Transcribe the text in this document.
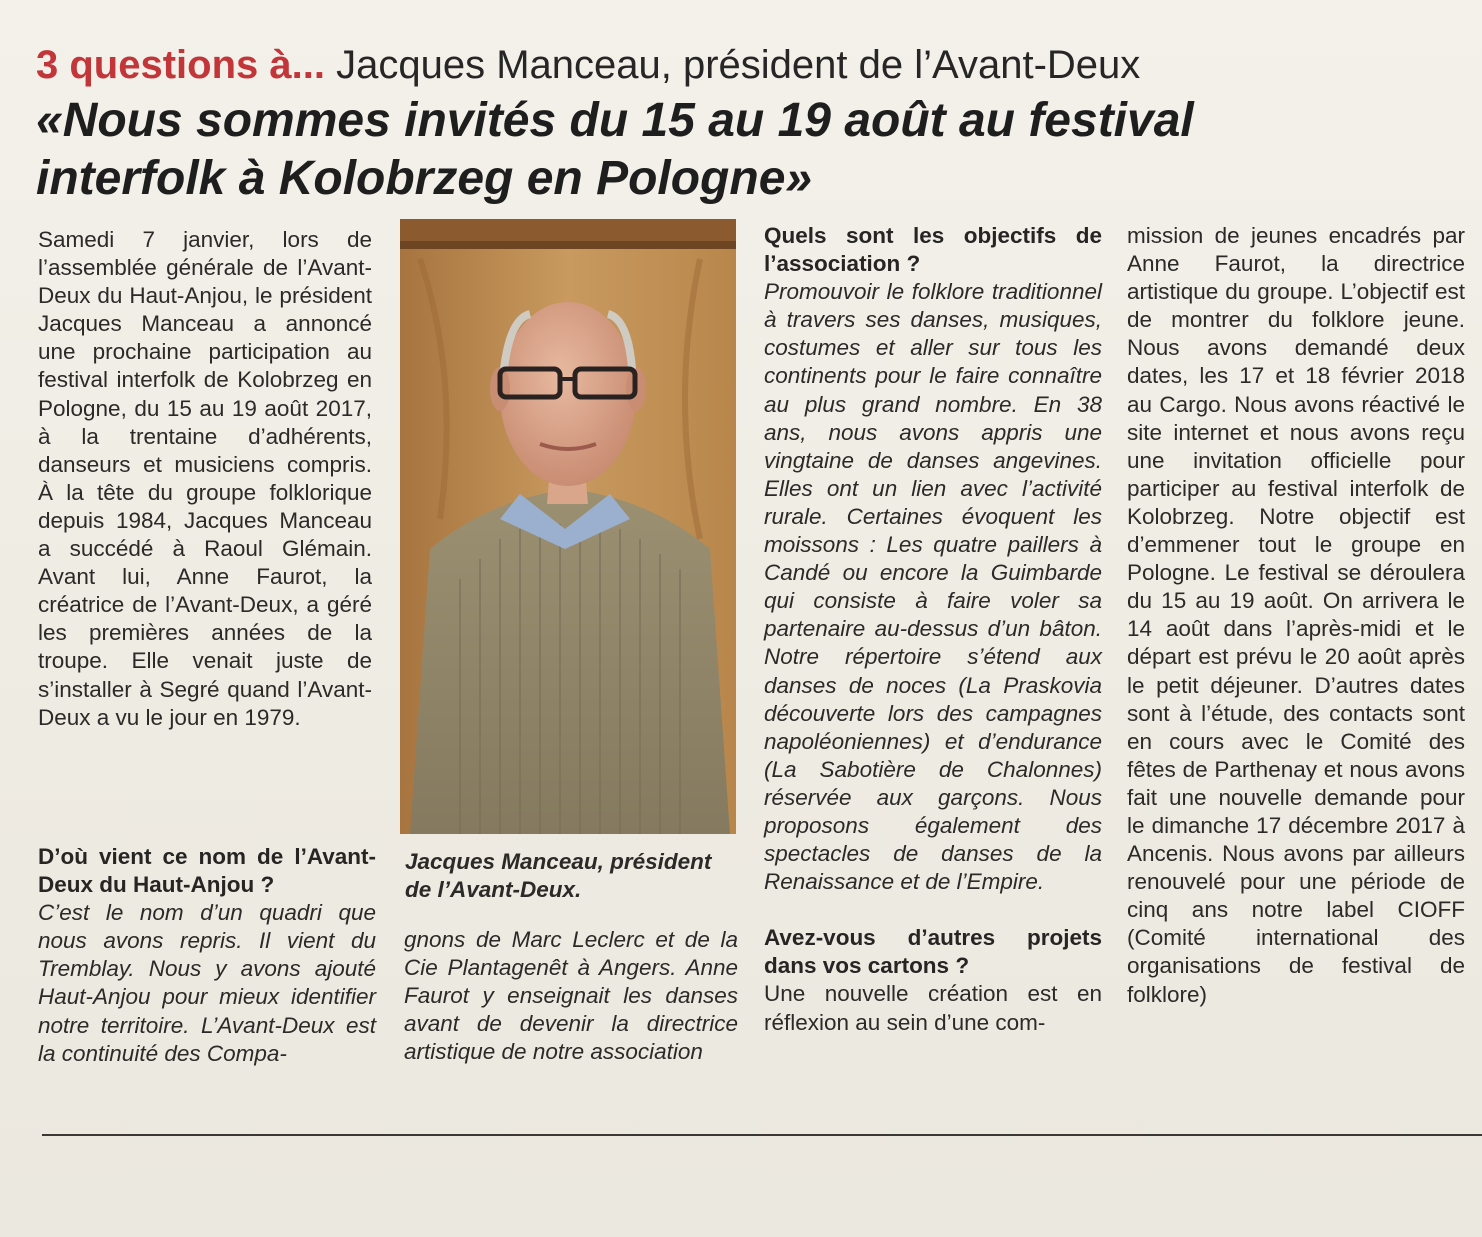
3 questions à... Jacques Manceau, président de l’Avant-Deux
«Nous sommes invités du 15 au 19 août au festival interfolk à Kolobrzeg en Pologne»

Samedi 7 janvier, lors de l’assemblée générale de l’Avant-Deux du Haut-Anjou, le président Jacques Manceau a annoncé une prochaine participation au festival interfolk de Kolobrzeg en Pologne, du 15 au 19 août 2017, à la trentaine d’adhérents, danseurs et musiciens compris. À la tête du groupe folklorique depuis 1984, Jacques Manceau a succédé à Raoul Glémain. Avant lui, Anne Faurot, la créatrice de l’Avant-Deux, a géré les premières années de la troupe. Elle venait juste de s’installer à Segré quand l’Avant-Deux a vu le jour en 1979.

D’où vient ce nom de l’Avant-Deux du Haut-Anjou ?

C’est le nom d’un quadri que nous avons repris. Il vient du Tremblay. Nous y avons ajouté Haut-Anjou pour mieux identifier notre territoire. L’Avant-Deux est la continuité des Compa-

Jacques Manceau, président de l’Avant-Deux.

gnons de Marc Leclerc et de la Cie Plantagenêt à Angers. Anne Faurot y enseignait les danses avant de devenir la directrice artistique de notre association

Quels sont les objectifs de l’association ?

Promouvoir le folklore traditionnel à travers ses danses, musiques, costumes et aller sur tous les continents pour le faire connaître au plus grand nombre. En 38 ans, nous avons appris une vingtaine de danses angevines. Elles ont un lien avec l’activité rurale. Certaines évoquent les moissons : Les quatre paillers à Candé ou encore la Guimbarde qui consiste à faire voler sa partenaire au-dessus d’un bâton. Notre répertoire s’étend aux danses de noces (La Praskovia découverte lors des campagnes napoléoniennes) et d’endurance (La Sabotière de Chalonnes) réservée aux garçons. Nous proposons également des spectacles de danses de la Renaissance et de l’Empire.

Avez-vous d’autres projets dans vos cartons ?

Une nouvelle création est en réflexion au sein d’une com-

mission de jeunes encadrés par Anne Faurot, la directrice artistique du groupe. L’objectif est de montrer du folklore jeune. Nous avons demandé deux dates, les 17 et 18 février 2018 au Cargo. Nous avons réactivé le site internet et nous avons reçu une invitation officielle pour participer au festival interfolk de Kolobrzeg. Notre objectif est d’emmener tout le groupe en Pologne. Le festival se déroulera du 15 au 19 août. On arrivera le 14 août dans l’après-midi et le départ est prévu le 20 août après le petit déjeuner. D’autres dates sont à l’étude, des contacts sont en cours avec le Comité des fêtes de Parthenay et nous avons fait une nouvelle demande pour le dimanche 17 décembre 2017 à Ancenis. Nous avons par ailleurs renouvelé pour une période de cinq ans notre label CIOFF (Comité international des organisations de festival de folklore)
